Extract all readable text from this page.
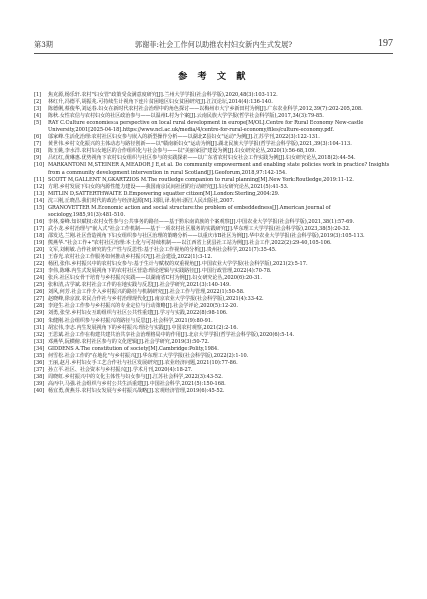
第3期	郭谢菲:社会工作何以助推农村妇女新内生式发展?	197
参 考 文 献
[1]	焦克源,杨乐轩.农村"妇女管"政策受众满意度研究[J].兰州大学学报(社会科学版),2020,48(3):103-112.
[2]	林红升,冯德平,胡振兆.可持续生计视角下连片贫困地区妇女贫困研究[J].江汉论坛,2014(4):136-140.
[3]	陈德俐,蔡俊华,刘运春.妇女在新时代农村社会治理中的角色探讨——以梅州市大宁乡新田村为例[J].广东农业科学,2012,39(7):202-205,208.
[4]	陈秋.女性农信与农村妇女的社区政治参与——以温州L村为个案[J].云南民族大学学报(哲学社会科学版),2017,34(3):79-85.
[5]	RAY C.Culture economies:a perspective on local rural development in europe[M/OL].Centre for Rural Economy New-castle University,2001[2025-04-18].https://www.ncl.ac.uk/media/4/centre-for-rural-economy/files/culture-economy.pdf.
[6]	邬家峰.生活化治理:农村社区妇女参与嵌入的新型操作分析——以湖北Z县妇女"运动"为例[J].江苏学刊,2022(3):122-131.
[7]	黄世伟.乡村文化振兴的主体动态与路径创新——以"赣南新妇女"运动为例[J].湖北民族大学学报(哲学社会科学版),2021,39(3):104-113.
[8]	陈玉姚,李水洋.农村妇女地区的合作组织化与社会参与——以"美丽家园"建设为例[J].妇女研究论丛,2020(1):56-68,109.
[9]	吕红红,黄琳惠.优势视角下农村妇女组织与社区参与的实践探索——以广东省农村妇女社会工作实践为例[J].妇女研究论丛,2018(2):44-54.
[10] MARKANTONI M,STEINER A,MEADOR J E,et al. Do community empowerment and enabling state policies work in practice? Insights from a community development intervention in rural Scotland[J].Geoforum,2018,97:142-154.
[11] SCOTT M,GALLENT N,GKARTZIOS M.The routledge companion to rural planning[M].New York:Routledge,2019:11-12.
[12] 方珺.乡村发展下妇女的内源性能力建设——我国南京民间社团的行动研究[J].妇女研究论丛,2021(5):41-53.
[13] MITLIN D,SATTERTHWAITE D.Empowering squatter citizen[M].London:Sterling,2004:29.
[14] 沈三刚,丘晓昌.我们时代的政治与经济起源[M].刘阳,译.杭州:浙江人民出版社,2007.
[15] GRANOVETTER M.Economic action and social structure:the problem of embeddedness[J].American journal of sociology,1985,91(3):481-510.
[16] 李林,秦峰.知识赋权:农村女性参与公共事务的路径——基于黔东南苗族的个案观察[J].中国农业大学学报(社会科学版),2021,38(1):57-69.
[17] 武小龙.乡村治理与"嵌入式"社会工作机制——基于一项农村社区服务的实践研究[J].华东理工大学学报(社会科学版),2023,38(5):20-32.
[18] 邵发达,兰刚.社区营造视角下妇女组织参与社区治理的策略分析——以重庆市B社区为例[J].华中农业大学学报(社会科学版),2019(3):105-113.
[19] 熊燕华."社会工作+"农村社区治理:本土化与可持续机制——以江西省上犹县社工站为例[J].社会工作,2022(2):29-40,105-106.
[20] 文军,刘莉敏.合作社研究的生产性与反思性:基于社会工作视角的分析[J].贵州社会科学,2021(7):35-45.
[21] 王春光.农村社会工作服务如何推动乡村振兴?[J].社会建设,2022(1):3-12.
[22] 杨团,张伟.乡村振兴中的农村妇女参与:基于生计与赋权的双重视角[J].中国农业大学学报(社会科学版),2021(2):5-17.
[23] 李伟,陈琳.内生式发展视角下的农村社区营造:理论逻辑与实践路径[J].中国行政管理,2022(4):70-78.
[24] 张兵.社区妇女骨干培育与乡村振兴实践——以湖南省C村为例[J].妇女研究论丛,2020(6):20-31.
[25] 张和清,古学斌.农村社会工作的在地实践与反思[J].社会学研究,2021(3):140-149.
[26] 刘风,何芳.社会工作介入乡村振兴的路径与机制研究[J].社会工作与管理,2022(1):50-58.
[27] 赵晓峰,徐京波.农民合作社与乡村治理现代化[J].南京农业大学学报(社会科学版),2021(4):33-42.
[28] 李迎生.社会工作参与乡村振兴的专业定位与行动策略[J].社会学评论,2020(5):12-20.
[29] 刘勇,张莹.乡村妇女互助组织与社区公共性重建[J].学习与实践,2022(8):98-106.
[30] 朱健刚.社会组织参与乡村振兴的路径与反思[J].社会科学,2021(9):80-91.
[31] 胡宏伟,李志.内生发展视角下的乡村振兴:理论与实践[J].中国农村观察,2021(2):2-16.
[32] 王思斌.社会工作在构建共建共治共享社会治理格局中的作用[J].北京大学学报(哲学社会科学版),2020(6):5-14.
[33] 邓燕华,阮横俯.农村社区参与的文化逻辑[J].社会学研究,2019(3):50-72.
[34] GIDDENS A.The constitution of society[M].Cambridge:Polity,1984.
[35] 何雪松.社会工作的"在地化"与乡村振兴[J].华东理工大学学报(社会科学版),2022(2):1-10.
[36] 王丽,赵月.乡村妇女手工艺合作社与社区发展研究[J].农业经济问题,2021(10):77-86.
[37] 孙立平.社区、社会资本与乡村振兴[J].学术月刊,2020(4):18-27.
[38] 周晓虹.乡村振兴中的文化主体性与妇女参与[J].江苏社会科学,2022(3):43-52.
[39] 高丙中,马强.社会组织与乡村公共生活重建[J].中国社会科学,2021(5):150-168.
[40] 杨宜勇,黄燕芬.农村妇女发展与乡村振兴战略[J].宏观经济管理,2019(6):45-52.
